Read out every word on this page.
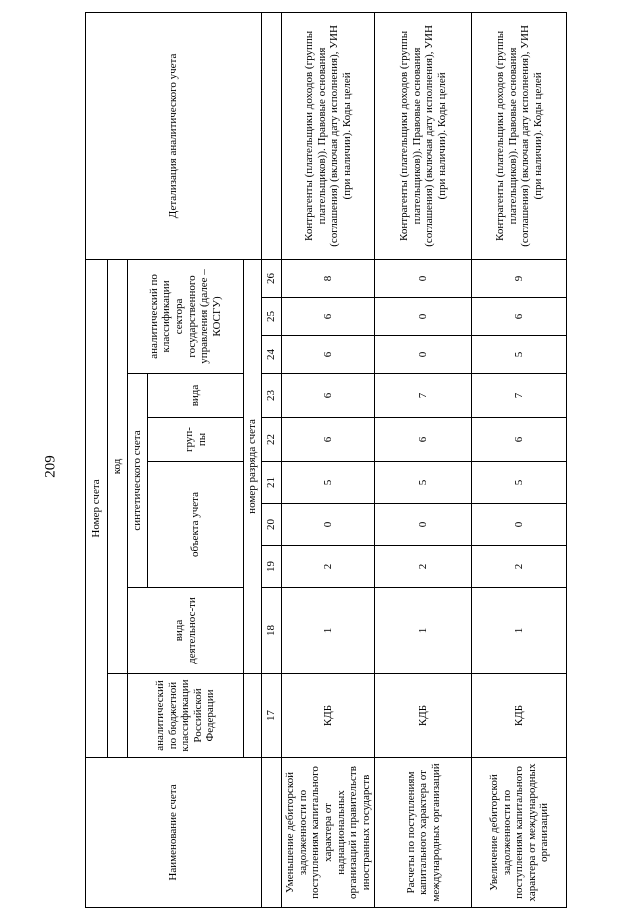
209
Наименование счета	Номер счета										Детализация аналитического учета
		код									
	аналитический по бюджетной классификации Российской Федерации	вида деятельнос-ти	синтетического счета					аналитический по классификации сектора государственного управления (далее – КОСГУ)			
			объекта учета			груп-пы	вида				
		номер разряда счета									
	17	18	19	20	21	22	23	24	25	26	
Уменьшение дебиторской задолженности по поступлениям капитального характера от наднациональных организаций и правительств иностранных государств	КДБ	1	2	0	5	6	6	6	6	8	Контрагенты (плательщики доходов (группы плательщиков)). Правовые основания (соглашения) (включая дату исполнения), УИН (при наличии). Коды целей
Расчеты по поступлениям капитального характера от международных организаций	КДБ	1	2	0	5	6	7	0	0	0	Контрагенты (плательщики доходов (группы плательщиков)). Правовые основания (соглашения) (включая дату исполнения), УИН (при наличии). Коды целей
Увеличение дебиторской задолженности по поступлениям капитального характера от международных организаций	КДБ	1	2	0	5	6	7	5	6	9	Контрагенты (плательщики доходов (группы плательщиков)). Правовые основания (соглашения) (включая дату исполнения), УИН (при наличии). Коды целей
